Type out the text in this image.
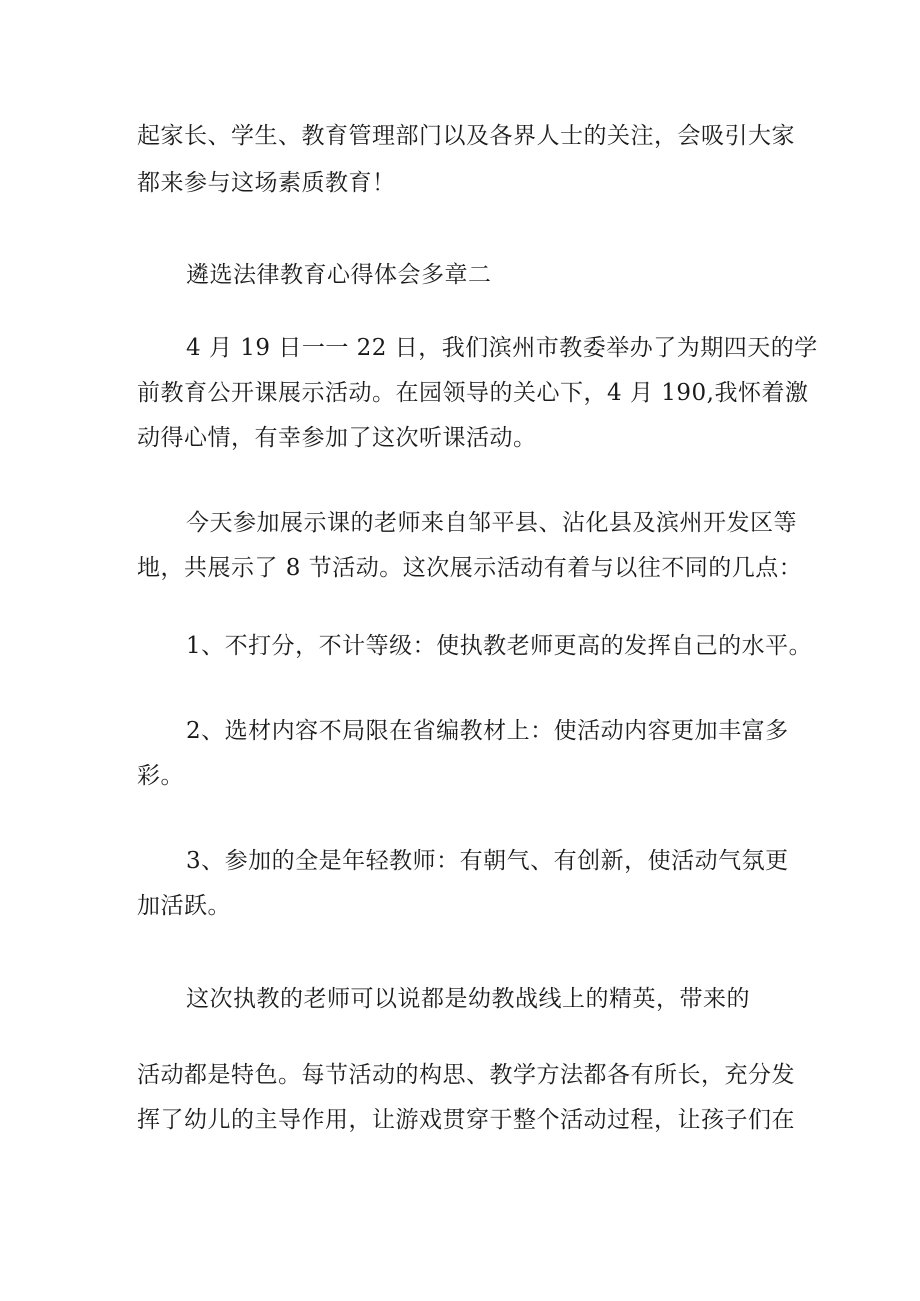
起家长、学生、教育管理部门以及各界人士的关注，会吸引大家
都来参与这场素质教育！
遴选法律教育心得体会多章二
4 月 19 日一一 22 日，我们滨州市教委举办了为期四天的学
前教育公开课展示活动。在园领导的关心下，4 月 190,我怀着激
动得心情，有幸参加了这次听课活动。
今天参加展示课的老师来自邹平县、沾化县及滨州开发区等
地，共展示了 8 节活动。这次展示活动有着与以往不同的几点：
1、不打分，不计等级：使执教老师更高的发挥自己的水平。
2、选材内容不局限在省编教材上：使活动内容更加丰富多
彩。
3、参加的全是年轻教师：有朝气、有创新，使活动气氛更
加活跃。
这次执教的老师可以说都是幼教战线上的精英，带来的
活动都是特色。每节活动的构思、教学方法都各有所长，充分发
挥了幼儿的主导作用，让游戏贯穿于整个活动过程，让孩子们在
